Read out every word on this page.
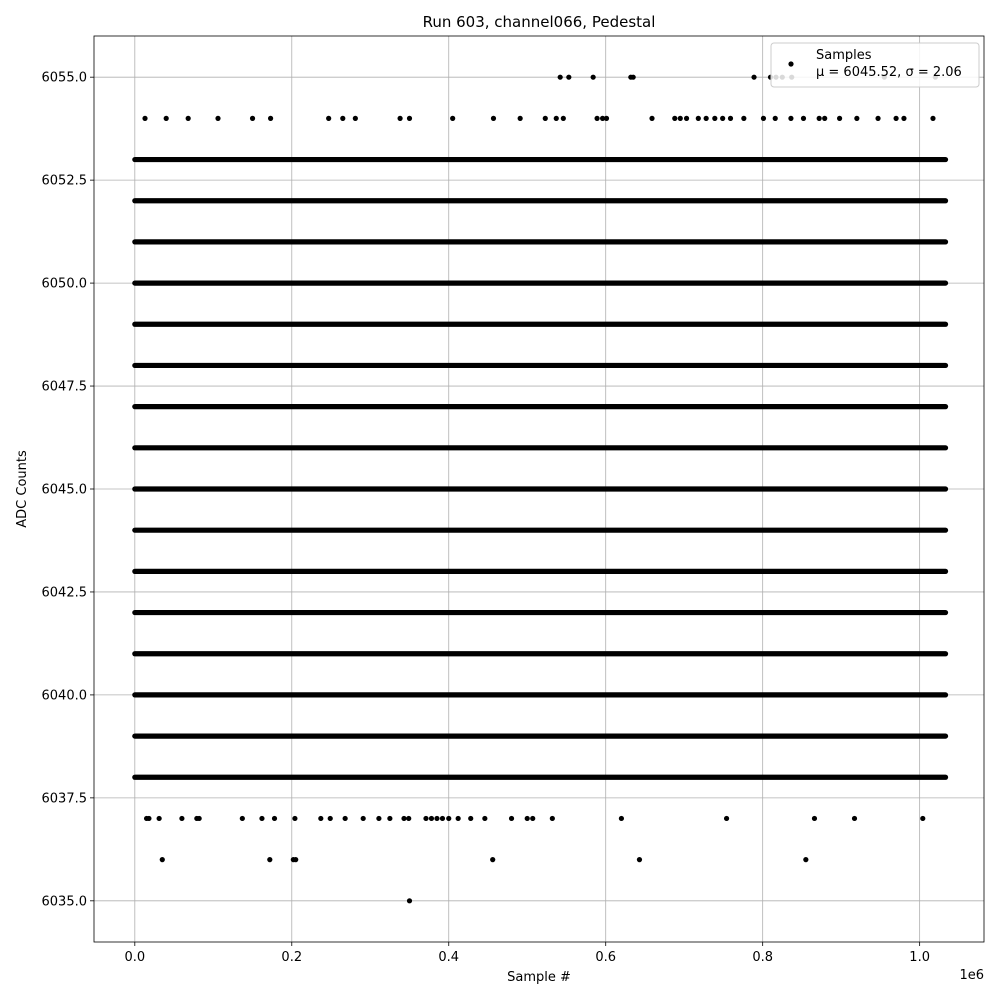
0.0	0.2	0.4	0.6	0.8	1.0
6035.0
6037.5
6040.0
6042.5
6045.0
6047.5
6050.0
6052.5
6055.0
Run 603, channel066, Pedestal
Sample #
ADC Counts
1e6
Samples
μ = 6045.52, σ = 2.06
